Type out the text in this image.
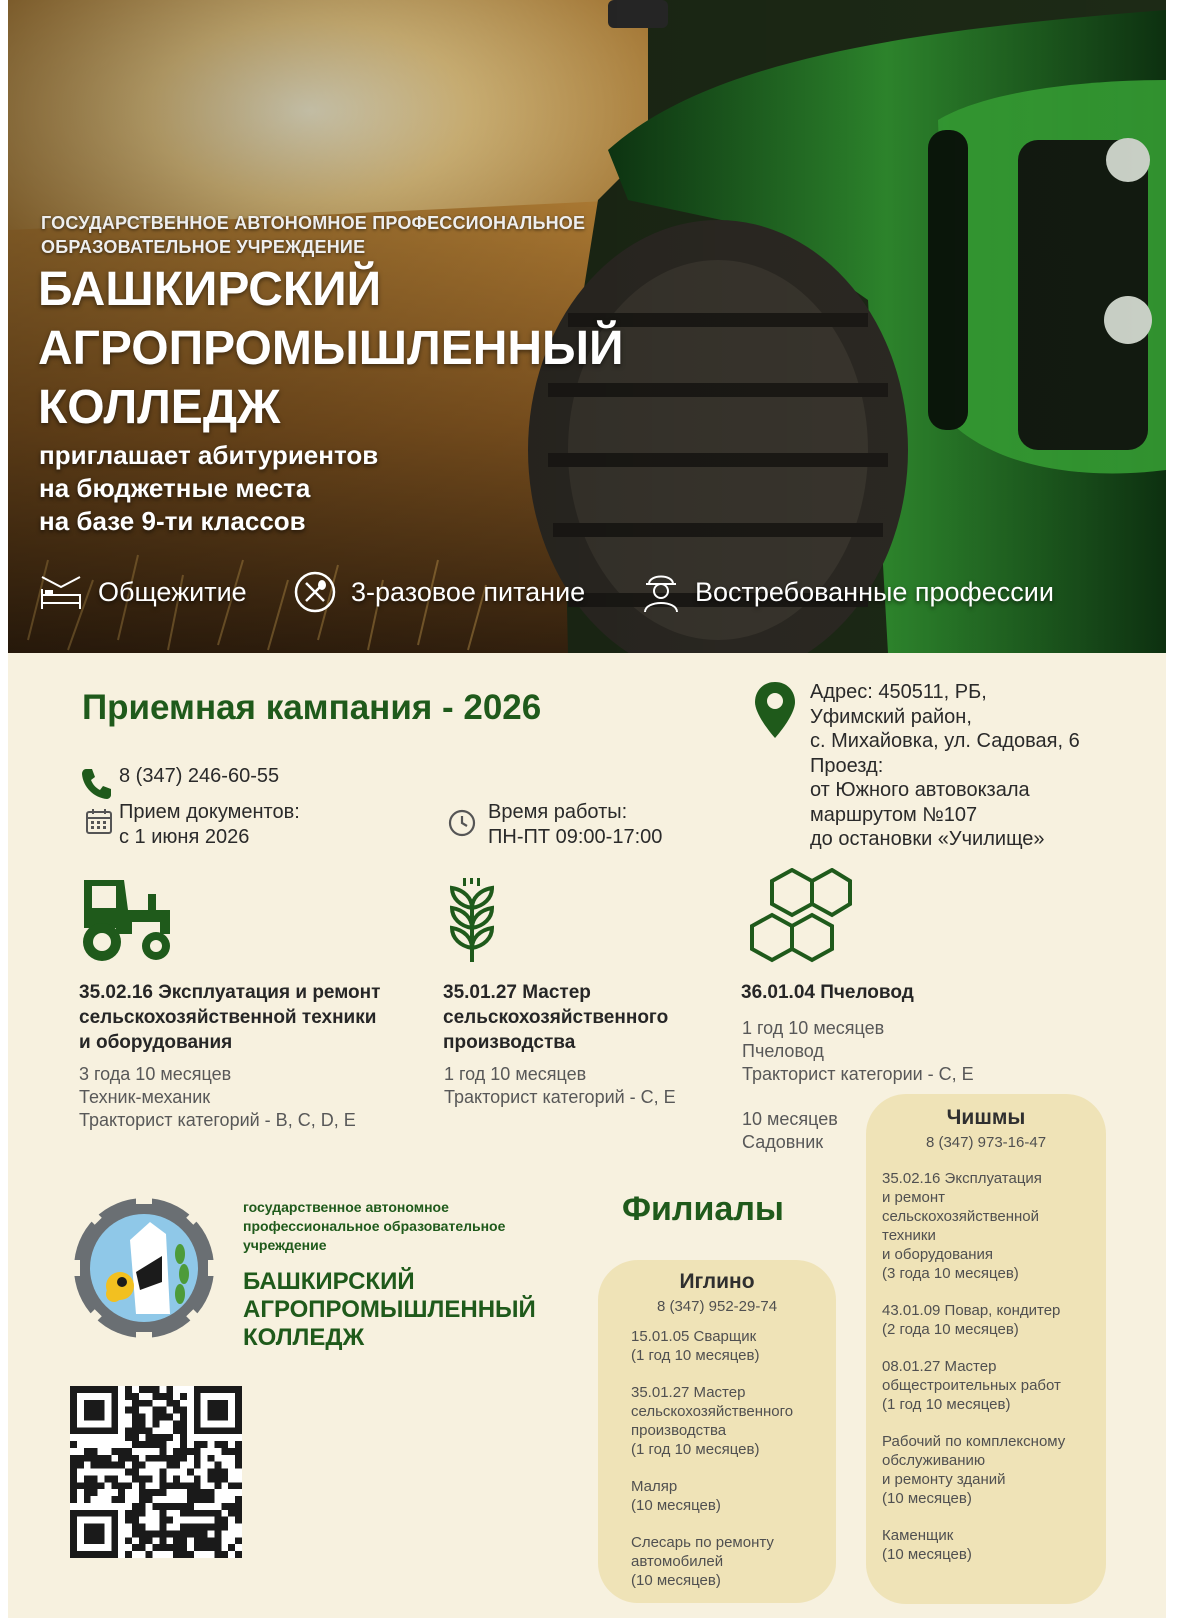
ГОСУДАРСТВЕННОЕ АВТОНОМНОЕ ПРОФЕССИОНАЛЬНОЕ
ОБРАЗОВАТЕЛЬНОЕ УЧРЕЖДЕНИЕ
БАШКИРСКИЙ
АГРОПРОМЫШЛЕННЫЙ
КОЛЛЕДЖ
приглашает абитуриентов
на бюджетные места
на базе 9-ти классов
Общежитие	3-разовое питание	Востребованные профессии
Приемная кампания - 2026
8 (347) 246-60-55
Прием документов:
с 1 июня 2026
Время работы:
ПН-ПТ 09:00-17:00
Адрес: 450511, РБ,
Уфимский район,
с. Михайовка, ул. Садовая, 6
Проезд:
от Южного автовокзала
маршрутом №107
до остановки «Училище»
35.02.16 Эксплуатация и ремонт
сельскохозяйственной техники
и оборудования
3 года 10 месяцев
Техник-механик
Тракторист категорий - B, C, D, E
35.01.27 Мастер
сельскохозяйственного
производства
1 год 10 месяцев
Тракторист категорий - С, Е
36.01.04 Пчеловод
1 год 10 месяцев
Пчеловод
Тракторист категории - С, Е
10 месяцев
Садовник
государственное автономное
профессиональное образовательное
учреждение
БАШКИРСКИЙ
АГРОПРОМЫШЛЕННЫЙ
КОЛЛЕДЖ
Филиалы
Иглино
8 (347) 952-29-74
15.01.05 Сварщик
(1 год 10 месяцев)
35.01.27 Мастер
сельскохозяйственного
производства
(1 год 10 месяцев)
Маляр
(10 месяцев)
Слесарь по ремонту
автомобилей
(10 месяцев)
Чишмы
8 (347) 973-16-47
35.02.16 Эксплуатация
и ремонт
сельскохозяйственной
техники
и оборудования
(3 года 10 месяцев)
43.01.09 Повар, кондитер
(2 года 10 месяцев)
08.01.27 Мастер
общестроительных работ
(1 год 10 месяцев)
Рабочий по комплексному
обслуживанию
и ремонту зданий
(10 месяцев)
Каменщик
(10 месяцев)
